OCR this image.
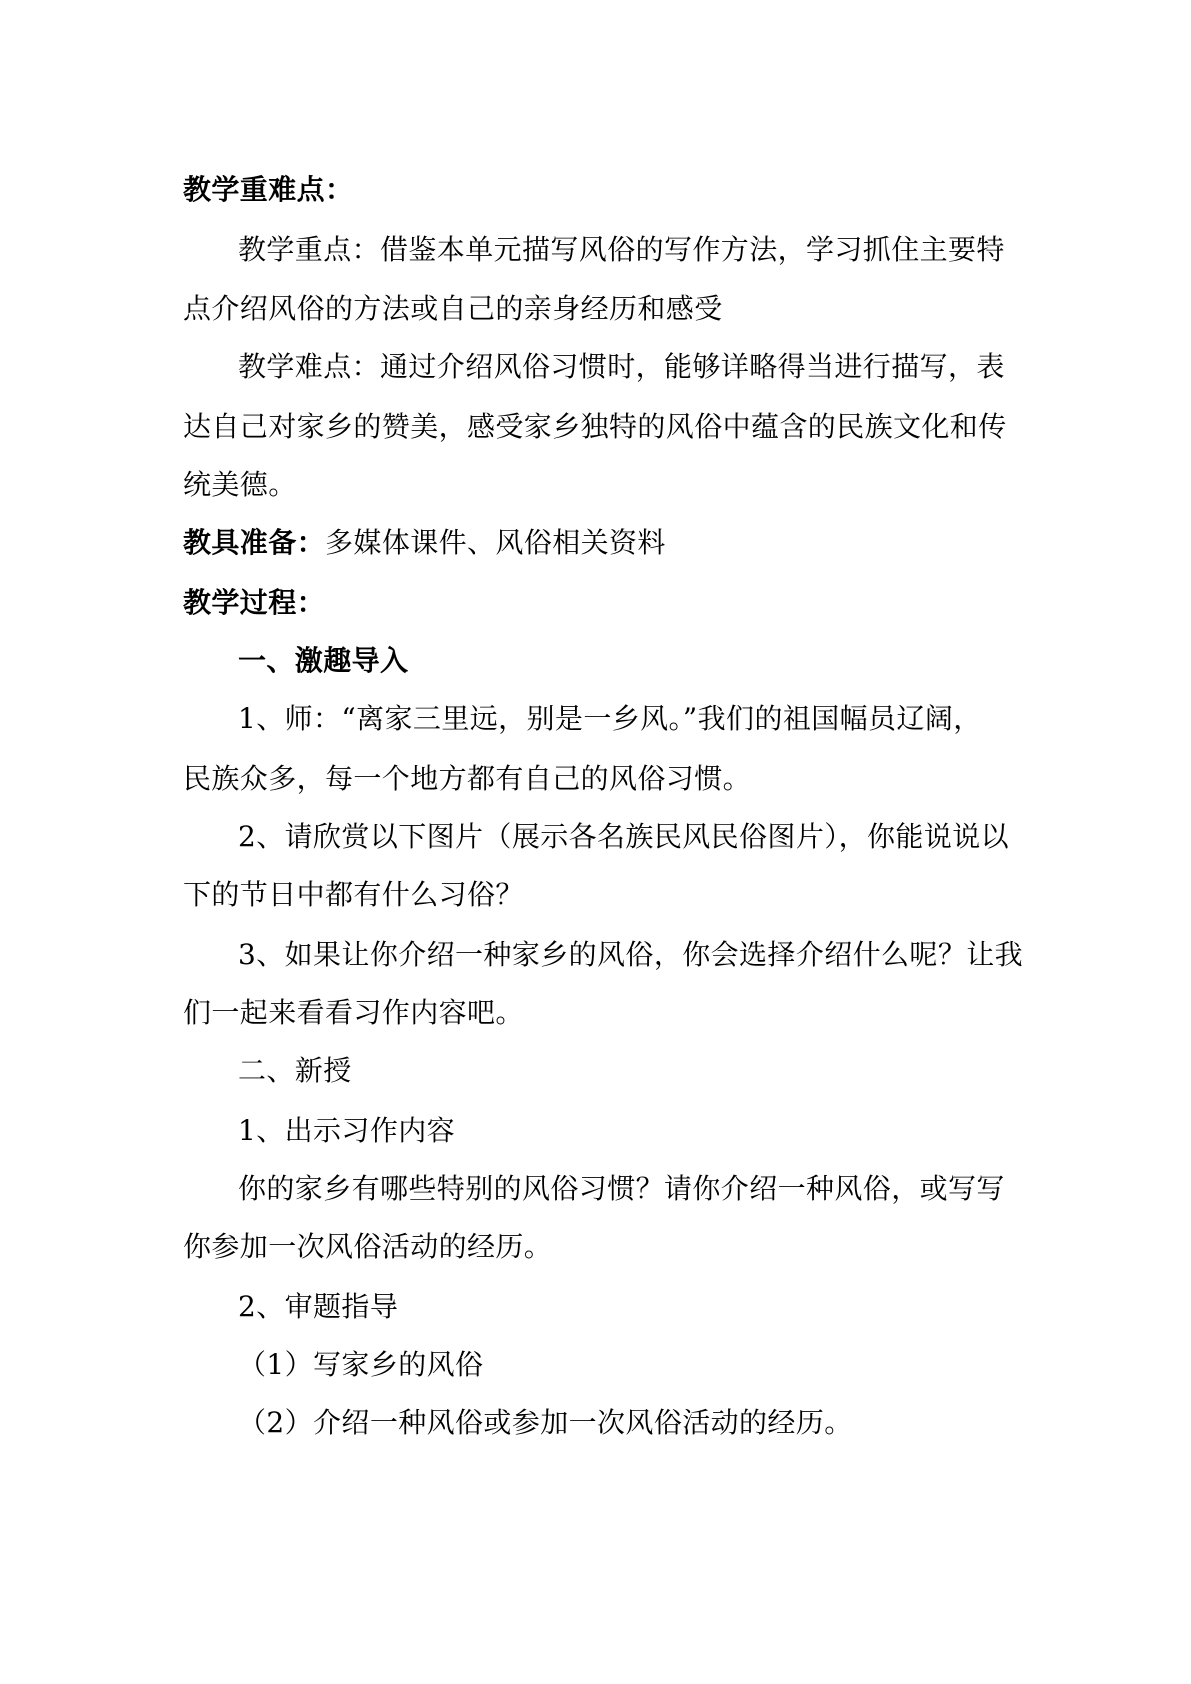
教学重难点：
教学重点：借鉴本单元描写风俗的写作方法，学习抓住主要特
点介绍风俗的方法或自己的亲身经历和感受
教学难点：通过介绍风俗习惯时，能够详略得当进行描写，表
达自己对家乡的赞美，感受家乡独特的风俗中蕴含的民族文化和传
统美德。
教具准备：多媒体课件、风俗相关资料
教学过程：
一、激趣导入
1、师：“离家三里远，别是一乡风。”我们的祖国幅员辽阔，
民族众多，每一个地方都有自己的风俗习惯。
2、请欣赏以下图片（展示各名族民风民俗图片），你能说说以
下的节日中都有什么习俗？
3、如果让你介绍一种家乡的风俗，你会选择介绍什么呢？让我
们一起来看看习作内容吧。
二、新授
1、出示习作内容
你的家乡有哪些特别的风俗习惯？请你介绍一种风俗，或写写
你参加一次风俗活动的经历。
2、审题指导
（1）写家乡的风俗
（2）介绍一种风俗或参加一次风俗活动的经历。
